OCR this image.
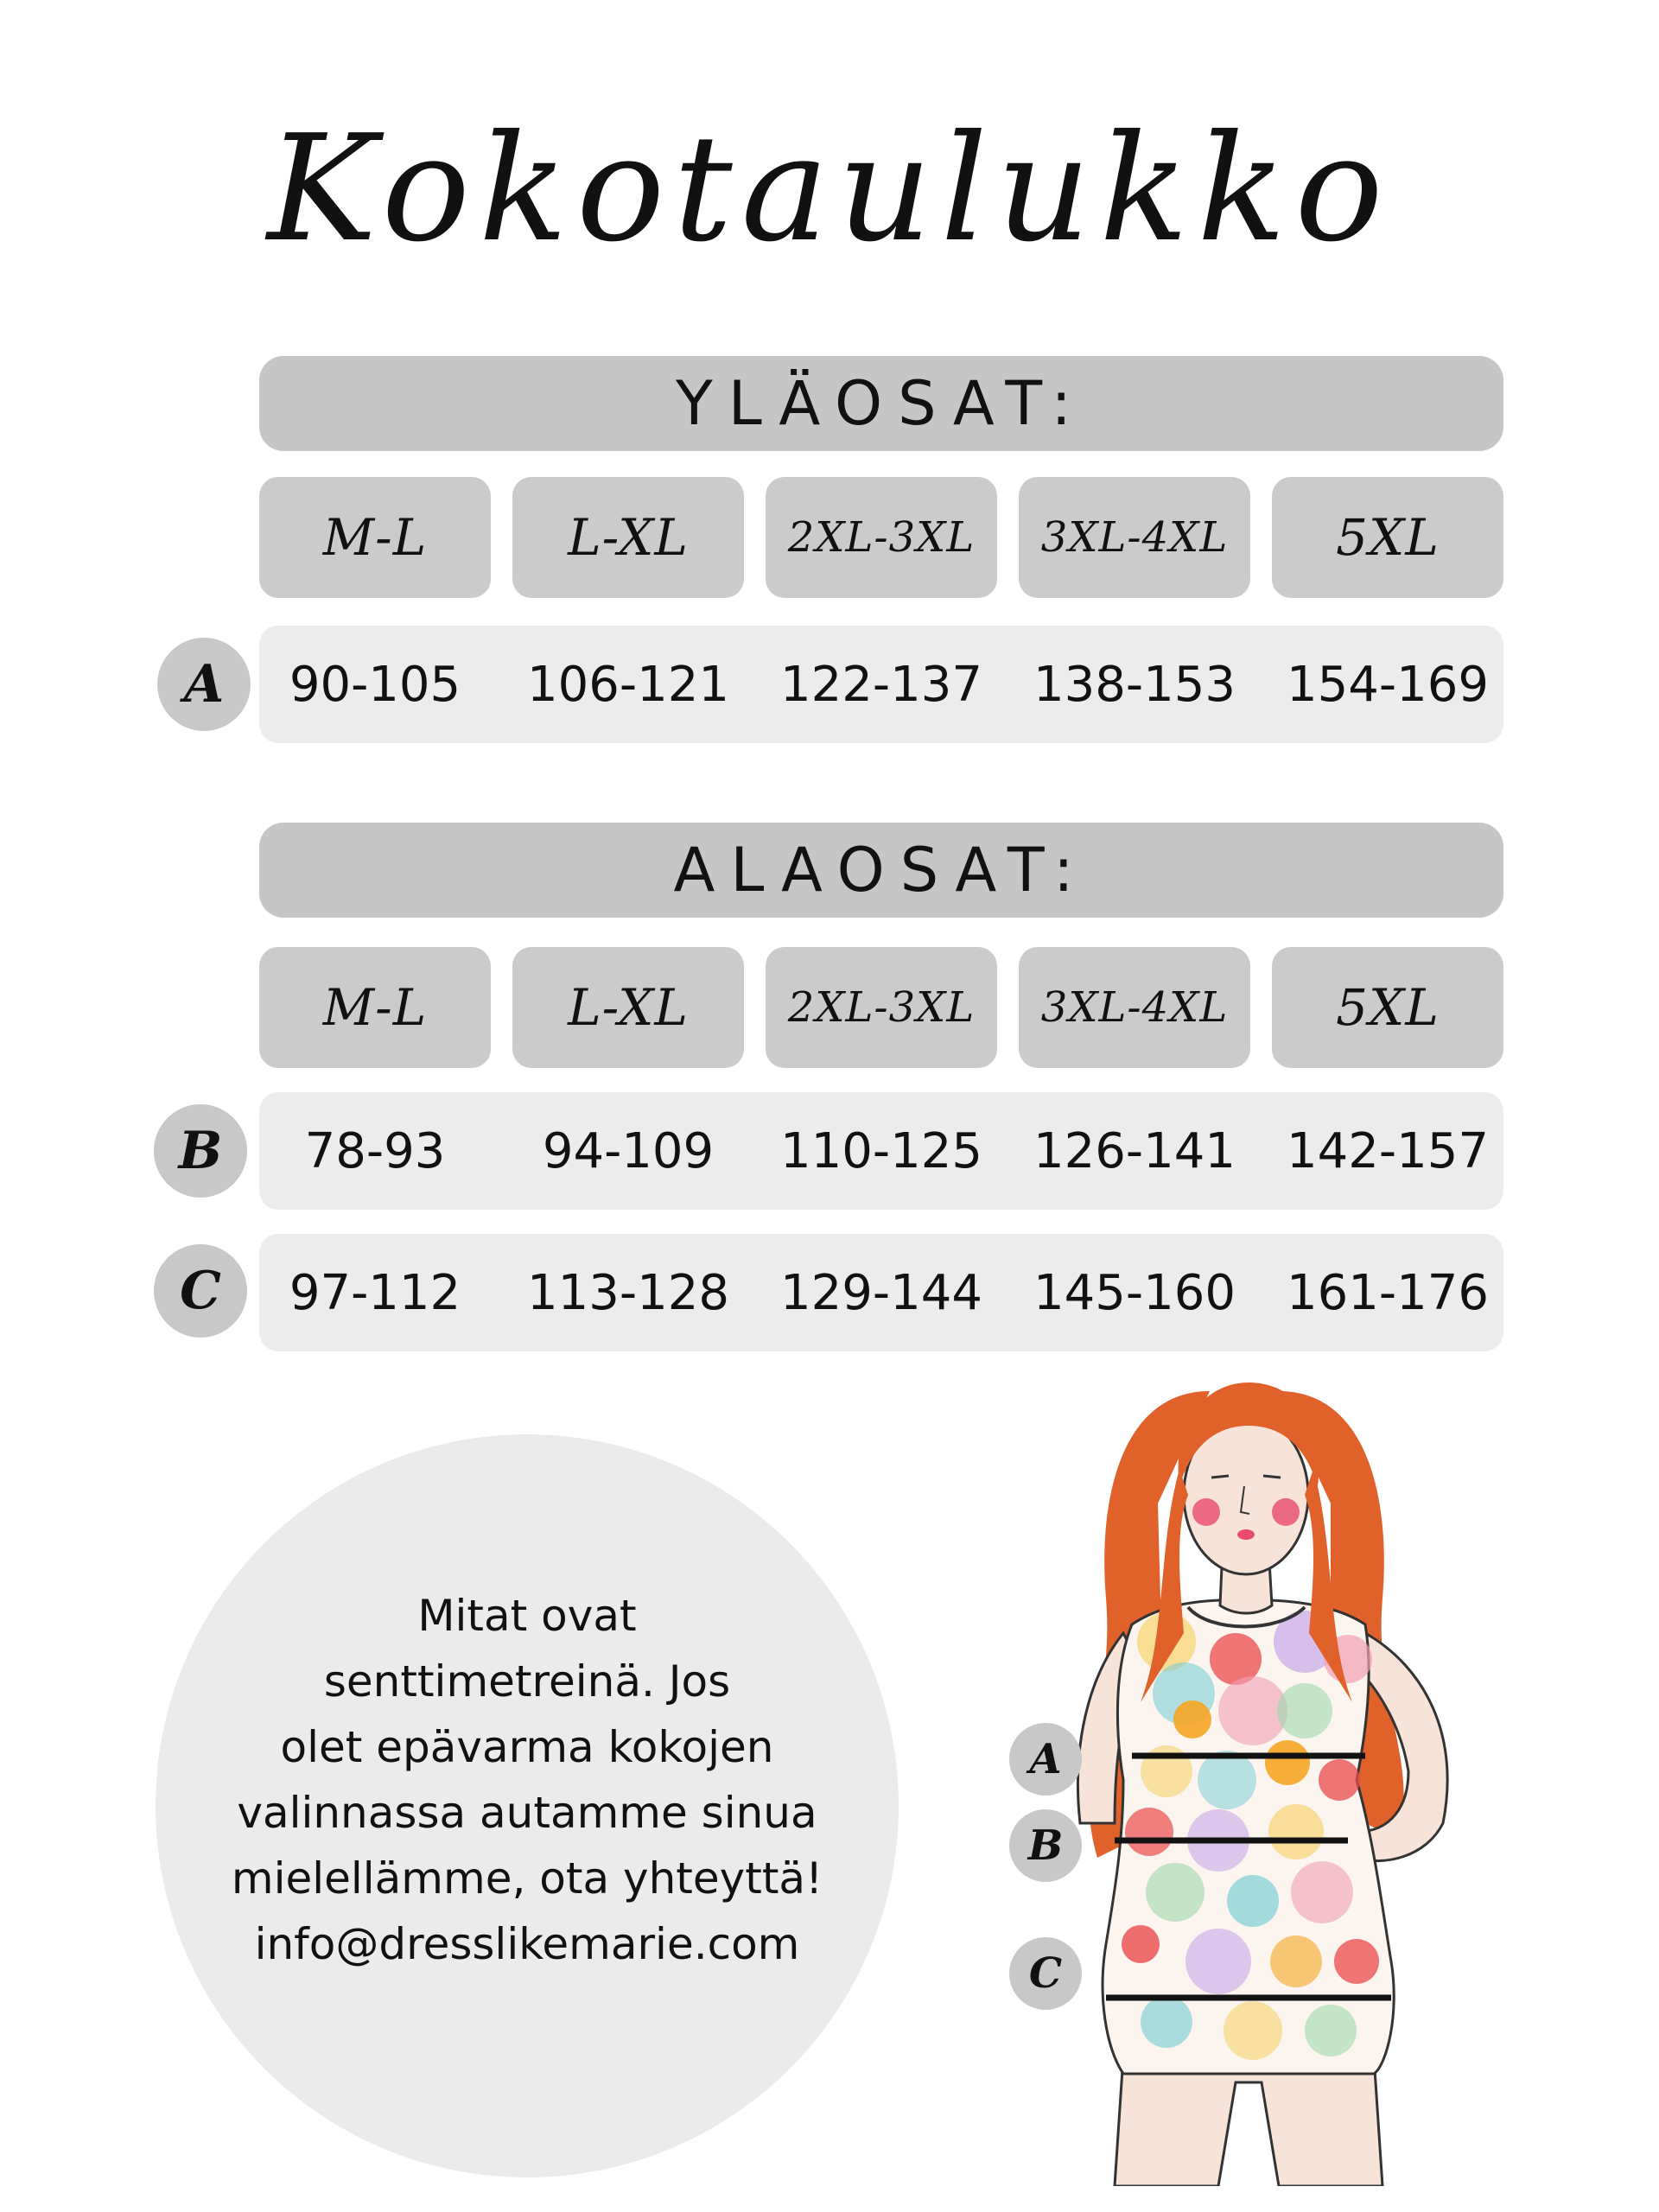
Kokotaulukko
YLÄOSAT:
M-L	L-XL	2XL-3XL	3XL-4XL	5XL
A	90-105	106-121	122-137	138-153	154-169
ALAOSAT:
M-L	L-XL	2XL-3XL	3XL-4XL	5XL
B	78-93	94-109	110-125	126-141	142-157
C	97-112	113-128	129-144	145-160	161-176
Mitat ovat
senttimetreinä. Jos
olet epävarma kokojen
valinnassa autamme sinua
mielellämme, ota yhteyttä!
info@dresslikemarie.com
A
B
C
